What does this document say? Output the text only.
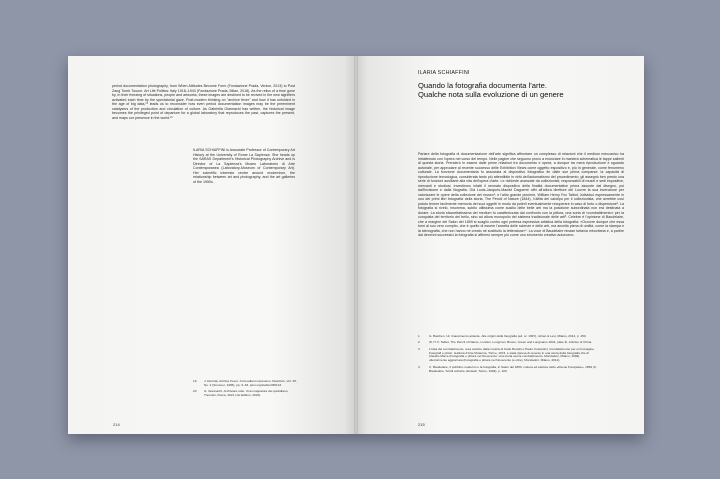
period documentation photography, from When Attitudes Become Form (Fondazione Prada, Venice, 2013) to Post Zang Tumb Tuuum. Art Life Politics: Italy 1918–1943 (Fondazione Prada, Milan, 2018). As the relics of a time gone by, in their freezing of situations, people and artworks, these images are destined to be revived in the new signifiers activated each time by the spectatorial gaze. Post-modern thinking on "archive fever" and how it has unfolded in the age of big data,¹⁹ leads us to reconsider how even period documentation images may be the preeminent catalysers of the production and circulation of culture. As Gabriella Giannachi has written, the historical image becomes the privileged point of departure for a global laboratory that reproduces the past, captures the present, and maps our presence in the world.²⁰
ILARIA SCHIAFFINI is Associate Professor of Contemporary Art History at the University of Rome La Sapienza. She heads up the SARAS Department's Historical Photography Archive and is Director of La Sapienza's Museo Laboratorio di Arte Contemporanea (Laboratory-Museum of Contemporary Art). Her scientific interests centre around modernism, the relationship between art and photography, and the art galleries of the 1950s.
19	J. Derrida, Archive Fever: A Freudian Impression, Diacritics, Vol. 25, No. 2 (Summer, 1995), pp. 9–63. jstor.org/stable/465144
20	G. Giannachi, Archiviare tutto. Una mappatura del quotidiano, Treccani, Roma, 2021 (1st Edition, 2016).
214
ILARIA SCHIAFFINI
Quando la fotografia documenta l'arte.
Qualche nota sulla evoluzione di un genere
Parlare della fotografia di documentazione dell'arte significa affrontare un complesso di relazioni che il medium meccanico ha intrattenuto con l'opera nel corso del tempo. Nelle pagine che seguono provo a enunciare in maniera schematica le tappe salienti di questa storia. Prenderò in esame dalle prime relazioni tra documento e opera, a dunque tra mera riproduzione e sguardo autoriale, per approdare al recente successo delle Exhibition Views come oggetto espositivo e, più in generale, come fenomeno culturale. La funzione documentaria fu associata al dispositivo fotografico fin dalle sue prima comparse: la capacità di riproduzione tecnologica, considerata tanto più attendibile in virtù dell'automatismo del procedimento, gli assegnò ben presto una serie di funzioni ausiliarie alla vita dell'opera d'arte. Le richieste avanzate da collezionisti, responsabili di musei e sedi espositive, mercanti e studiosi, investirono infatti il neonato dispositivo della finalità documentative prima assunte dal disegno, poi dall'incisione e dalla litografia. Già Louis-Jacques-Mandé Daguerre offrì all'allora direttore del Louvre la sua invenzione per valorizzare le opere della collezione del museo¹; e l'altro grande pioniere, William Henry Fox Talbot, individuò espressamente in uno dei primi libri fotografici della storia, The Pencil of Nature (1844), l'utilità del calotipo per il collezionista, che avrebbe così potuto tenere facilmente memoria dei suoi oggetti in modo da poterli eventualmente recuperare in caso di furto o dispersione². La fotografia si rivelò, insomma, subito utilissima come ausilio delle belle arti ma la posizione subordinata non era destinata a durare. La storia sfaccettatissima del medium fu caratterizzata dal confronto con la pittura, una sorta di «combattimento» per la conquista del territorio del bello, sino ad allora monopolio del sistema tradizionale delle arti³. Celebre è l'opinione di Baudelaire, che a margine del Salon del 1859 si scagliò contro ogni pretesa espressiva artistica della fotografia: «Occorre dunque che essa torni al suo vero compito, che è quello di essere l'ancella delle scienze e delle arti, ma ancella piena di umiltà, come la stampa e la stenografia, che non hanno né creato né sostituito la letteratura»⁴. La voce di Baudelaire rimase tuttavia minoritaria e, a partire dai decenni successivi la fotografia si affermò sempre più come uno strumento creativo autonomo.
1	G. Batchen, Un rinascimento ardente. Alle origini della fotografia (ed. or. 1997), Johan & Levi, Milano, 2014, p. 150.
2	W. H. F. Talbot, The Pencil of Nature, London, Longman, Brown, Green and Longmans 1844, plate III, Articles of China.
3	L'idea del combattimento, resa celebre dalla mostra di Carlo Bertelli e Paolo Costantini, Combattimento per un'immagine. Fotografi e pittori, Galleria d'Arte Moderna, Torino, 1973, è stata ripresa di recente in una storia della fotografia che di Claudio Marra (Fotografia e pittura nel Novecento: una storia senza combattimento, Mondadori, Milano, 1999), ulteriormente aggiornata (Fotografia e pittura nel Novecento (e oltre), Mondadori, Milano, 2012).
4	C. Baudelaire, Il pubblico moderno e la fotografia, in Salon del 1859, cuttura ed elettore dello «Revue Française», 1859 (C. Baudelaire, Scritti sull'arte, Einaudi, Torino, 1992), p. 220.
215
